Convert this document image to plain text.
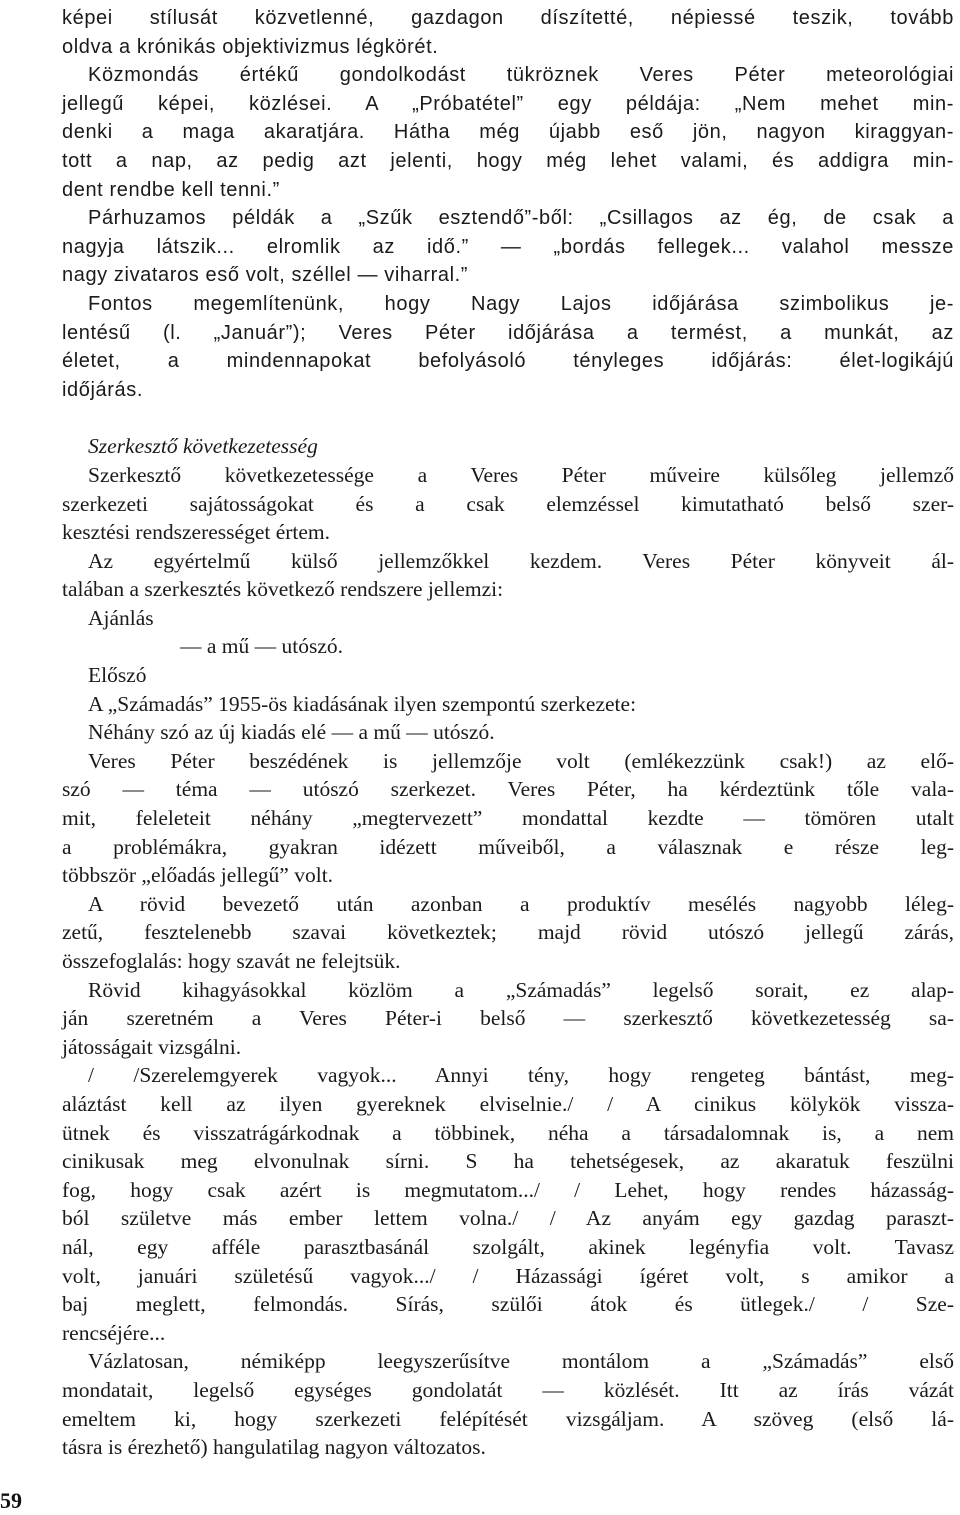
képei stílusát közvetlenné, gazdagon díszítetté, népiessé teszik, tovább
oldva a krónikás objektivizmus légkörét.

Közmondás értékű gondolkodást tükröznek Veres Péter meteorológiai
jellegű képei, közlései. A „Próbatétel” egy példája: „Nem mehet min-
denki a maga akaratjára. Hátha még újabb eső jön, nagyon kiraggyan-
tott a nap, az pedig azt jelenti, hogy még lehet valami, és addigra min-
dent rendbe kell tenni.”

Párhuzamos példák a „Szűk esztendő”-ből: „Csillagos az ég, de csak a
nagyja látszik... elromlik az idő.” — „bordás fellegek... valahol messze
nagy zivataros eső volt, széllel — viharral.”

Fontos megemlítenünk, hogy Nagy Lajos időjárása szimbolikus je-
lentésű (l. „Január”); Veres Péter időjárása a termést, a munkát, az
életet, a mindennapokat befolyásoló tényleges időjárás: élet-logikájú
időjárás.

Szerkesztő következetesség

Szerkesztő következetessége a Veres Péter műveire külsőleg jellemző
szerkezeti sajátosságokat és a csak elemzéssel kimutatható belső szer-
kesztési rendszerességet értem.

Az egyértelmű külső jellemzőkkel kezdem. Veres Péter könyveit ál-
talában a szerkesztés következő rendszere jellemzi:

Ajánlás
— a mű — utószó.

Előszó
A „Számadás” 1955-ös kiadásának ilyen szempontú szerkezete:
Néhány szó az új kiadás elé — a mű — utószó.

Veres Péter beszédének is jellemzője volt (emlékezzünk csak!) az elő-
szó — téma — utószó szerkezet. Veres Péter, ha kérdeztünk tőle vala-
mit, feleleteit néhány „megtervezett” mondattal kezdte — tömören utalt
a problémákra, gyakran idézett műveiből, a válasznak e része leg-
többször „előadás jellegű” volt.

A rövid bevezető után azonban a produktív mesélés nagyobb léleg-
zetű, fesztelenebb szavai következtek; majd rövid utószó jellegű zárás,
összefoglalás: hogy szavát ne felejtsük.

Rövid kihagyásokkal közlöm a „Számadás” legelső sorait, ez alap-
ján szeretném a Veres Péter-i belső — szerkesztő következetesség sa-
játosságait vizsgálni.

/ /Szerelemgyerek vagyok... Annyi tény, hogy rengeteg bántást, meg-
aláztást kell az ilyen gyereknek elviselnie./ / A cinikus kölykök vissza-
ütnek és visszatrágárkodnak a többinek, néha a társadalomnak is, a nem
cinikusak meg elvonulnak sírni. S ha tehetségesek, az akaratuk feszülni
fog, hogy csak azért is megmutatom.../ / Lehet, hogy rendes házasság-
ból születve más ember lettem volna./ / Az anyám egy gazdag paraszt-
nál, egy afféle parasztbasánál szolgált, akinek legényfia volt. Tavasz
volt, januári születésű vagyok.../ / Házassági ígéret volt, s amikor a
baj meglett, felmondás. Sírás, szülői átok és ütlegek./ / Sze-
rencséjére...

Vázlatosan, némiképp leegyszerűsítve montálom a „Számadás” első
mondatait, legelső egységes gondolatát — közlését. Itt az írás vázát
emeltem ki, hogy szerkezeti felépítését vizsgáljam. A szöveg (első lá-
tásra is érezhető) hangulatilag nagyon változatos.

59
